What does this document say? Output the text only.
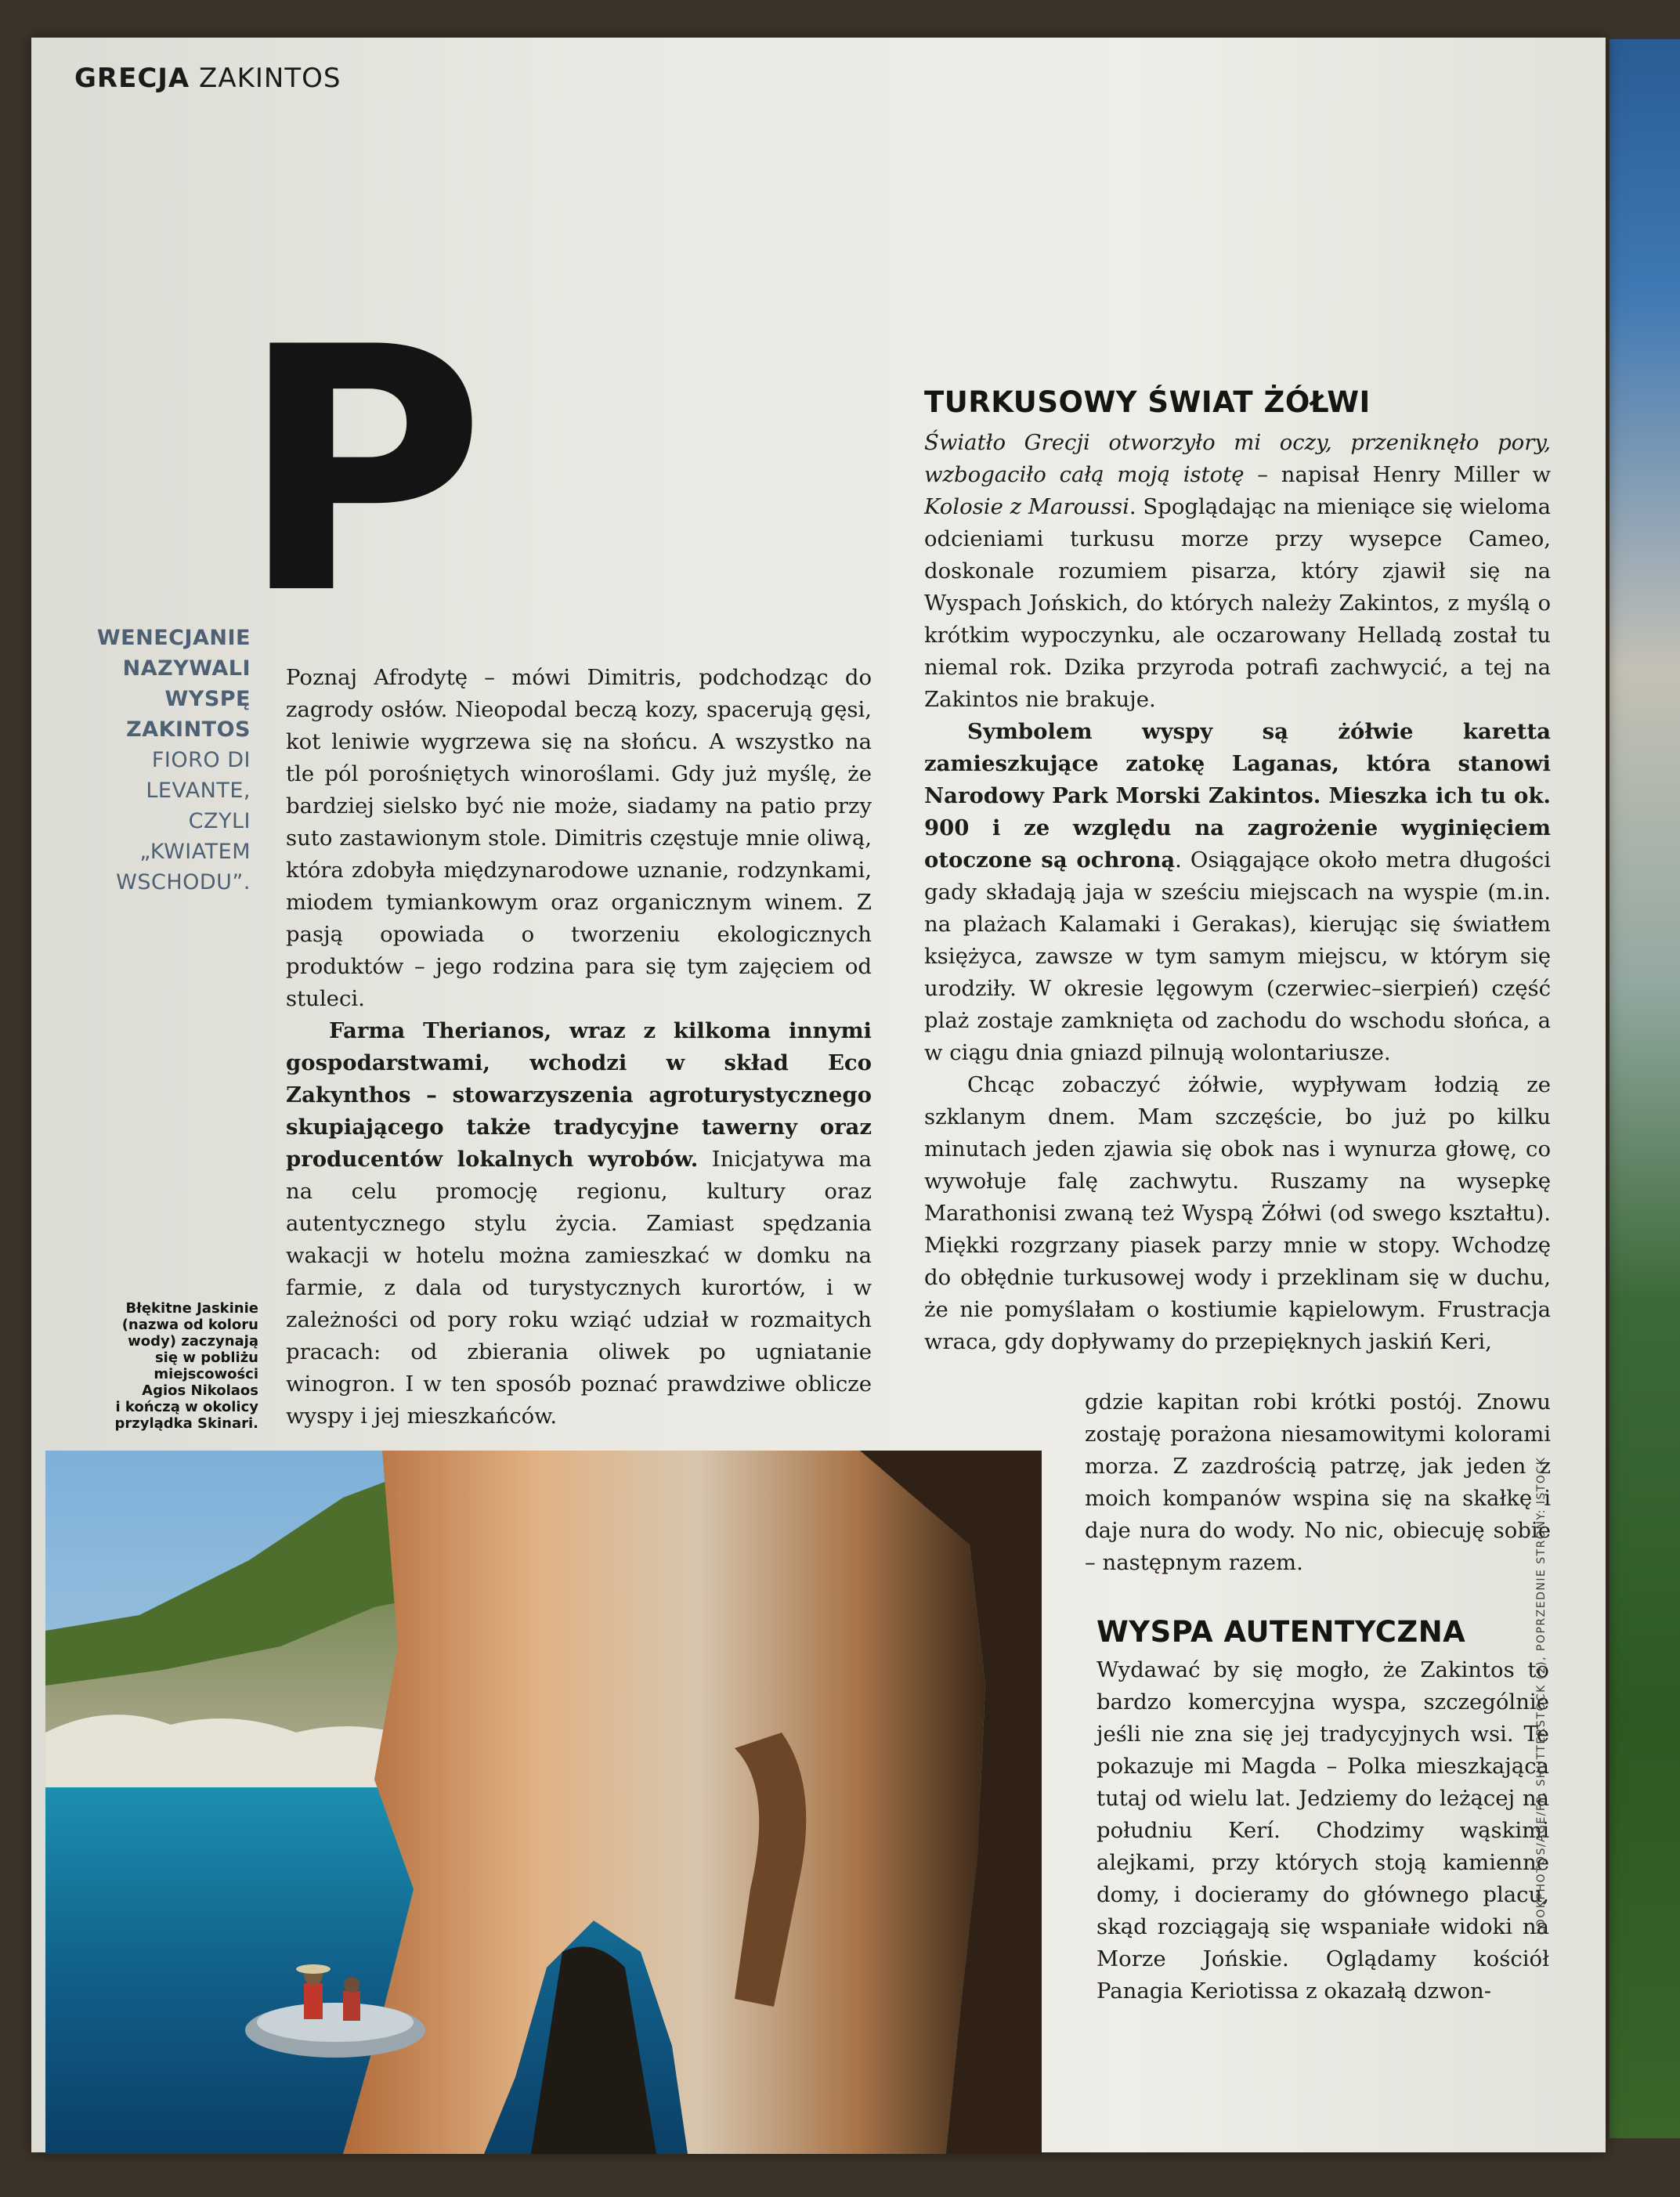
GRECJA ZAKINTOS
P
WENECJANIE
NAZYWALI
WYSPĘ
ZAKINTOS
FIORO DI
LEVANTE,
CZYLI
„KWIATEM
WSCHODU”.

Poznaj Afrodytę – mówi Dimitris, podchodząc do zagrody osłów. Nieopodal beczą kozy, spacerują gęsi, kot leniwie wygrzewa się na słońcu. A wszystko na tle pól porośniętych winoroślami. Gdy już myślę, że bardziej sielsko być nie może, siadamy na patio przy suto zastawionym stole. Dimitris częstuje mnie oliwą, która zdobyła międzynarodowe uznanie, rodzynkami, miodem tymiankowym oraz organicznym winem. Z pasją opowiada o tworzeniu ekologicznych produktów – jego rodzina para się tym zajęciem od stuleci.

Farma Therianos, wraz z kilkoma innymi gospodarstwami, wchodzi w skład Eco Zakynthos – stowarzyszenia agroturystycznego skupiającego także tradycyjne tawerny oraz producentów lokalnych wyrobów. Inicjatywa ma na celu promocję regionu, kultury oraz autentycznego stylu życia. Zamiast spędzania wakacji w hotelu można zamieszkać w domku na farmie, z dala od turystycznych kurortów, i w zależności od pory roku wziąć udział w rozmaitych pracach: od zbierania oliwek po ugniatanie winogron. I w ten sposób poznać prawdziwe oblicze wyspy i jej mieszkańców.

Błękitne Jaskinie
(nazwa od koloru
wody) zaczynają
się w pobliżu
miejscowości
Agios Nikolaos
i kończą w okolicy
przylądka Skinari.
TURKUSOWY ŚWIAT ŻÓŁWI

Światło Grecji otworzyło mi oczy, przeniknęło pory, wzbogaciło całą moją istotę – napisał Henry Miller w Kolosie z Maroussi. Spoglądając na mieniące się wieloma odcieniami turkusu morze przy wysepce Cameo, doskonale rozumiem pisarza, który zjawił się na Wyspach Jońskich, do których należy Zakintos, z myślą o krótkim wypoczynku, ale oczarowany Helladą został tu niemal rok. Dzika przyroda potrafi zachwycić, a tej na Zakintos nie brakuje.

Symbolem wyspy są żółwie karetta zamieszkujące zatokę Laganas, która stanowi Narodowy Park Morski Zakintos. Mieszka ich tu ok. 900 i ze względu na zagrożenie wyginięciem otoczone są ochroną. Osiągające około metra długości gady składają jaja w sześciu miejscach na wyspie (m.in. na plażach Kalamaki i Gerakas), kierując się światłem księżyca, zawsze w tym samym miejscu, w którym się urodziły. W okresie lęgowym (czerwiec–sierpień) część plaż zostaje zamknięta od zachodu do wschodu słońca, a w ciągu dnia gniazd pilnują wolontariusze.

Chcąc zobaczyć żółwie, wypływam łodzią ze szklanym dnem. Mam szczęście, bo już po kilku minutach jeden zjawia się obok nas i wynurza głowę, co wywołuje falę zachwytu. Ruszamy na wysepkę Marathonisi zwaną też Wyspą Żółwi (od swego kształtu). Miękki rozgrzany piasek parzy mnie w stopy. Wchodzę do obłędnie turkusowej wody i przeklinam się w duchu, że nie pomyślałam o kostiumie kąpielowym. Frustracja wraca, gdy dopływamy do przepięknych jaskiń Keri,

gdzie kapitan robi krótki postój. Znowu zostaję porażona niesamowitymi kolorami morza. Z zazdrością patrzę, jak jeden z moich kompanów wspina się na skałkę i daje nura do wody. No nic, obiecuję sobie – następnym razem.

WYSPA AUTENTYCZNA

Wydawać by się mogło, że Zakintos to bardzo komercyjna wyspa, szczególnie jeśli nie zna się jej tradycyjnych wsi. Te pokazuje mi Magda – Polka mieszkająca tutaj od wielu lat. Jedziemy do leżącej na południu Kerí. Chodzimy wąskimi alejkami, przy których stoją kamienne domy, i docieramy do głównego placu, skąd rozciągają się wspaniałe widoki na Morze Jońskie. Oglądamy kościół Panagia Keriotissa z okazałą dzwon-

LOOKPHOTOS/AGE/FP, SHUTTERSTOCK (2), POPRZEDNIE STRONY: ISTOCK
